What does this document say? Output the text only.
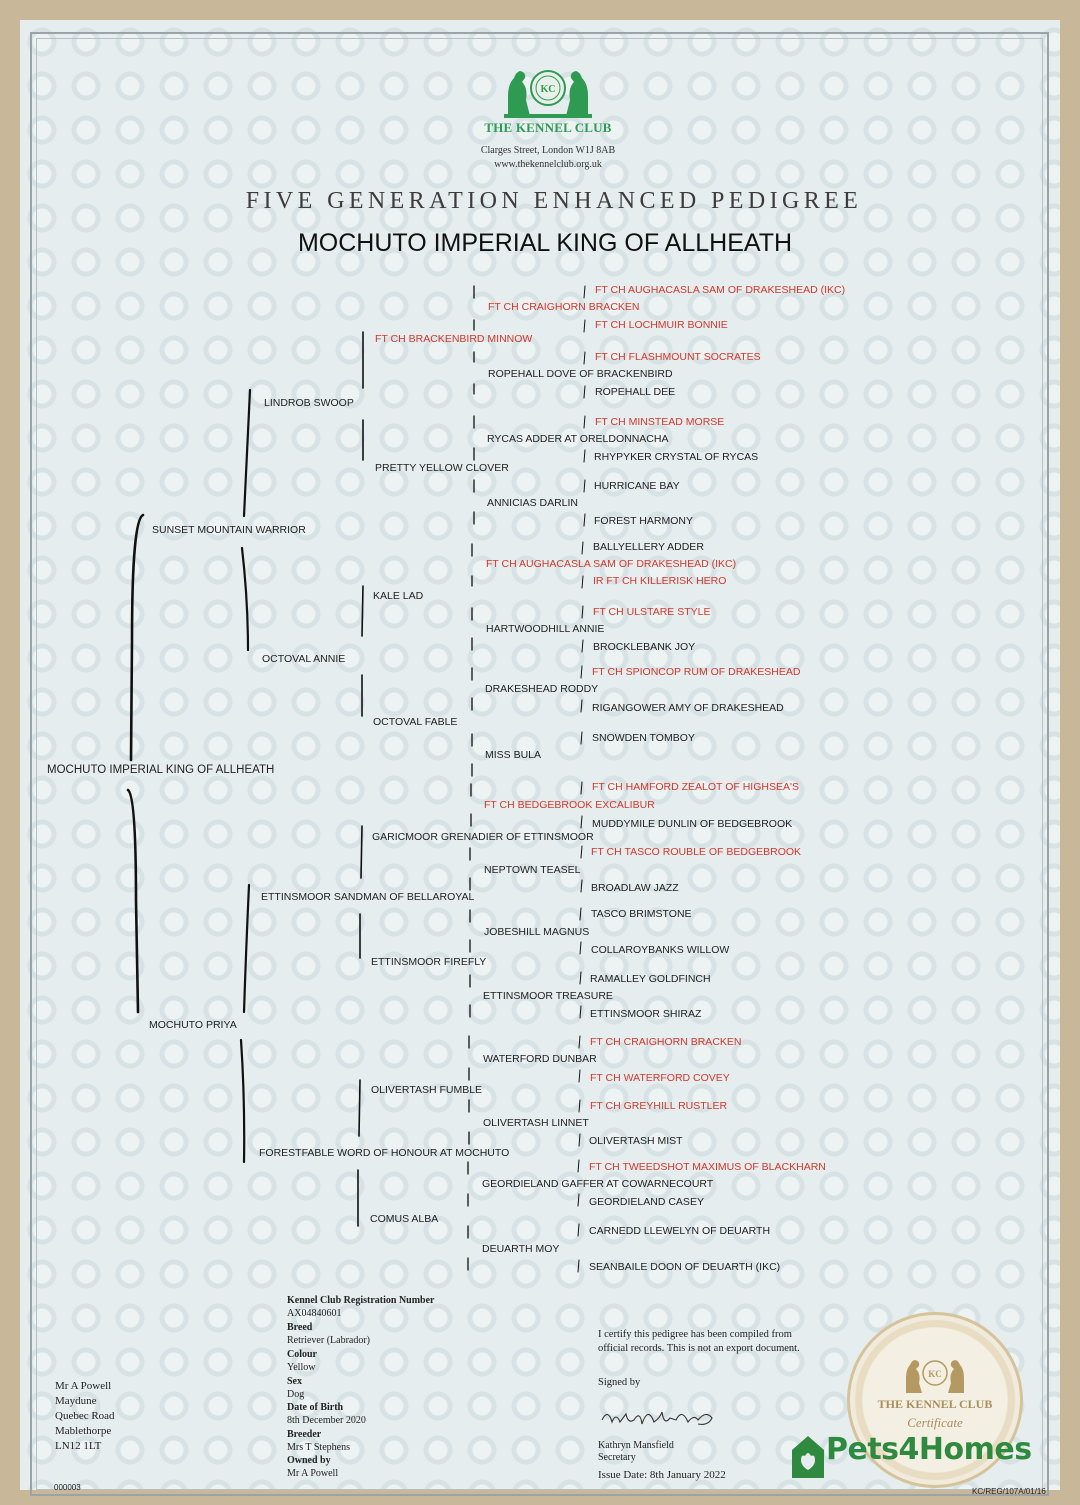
KC
THE KENNEL CLUB
Clarges Street, London W1J 8AB
www.thekennelclub.org.uk
FIVE GENERATION ENHANCED PEDIGREE
MOCHUTO IMPERIAL KING OF ALLHEATH
MOCHUTO IMPERIAL KING OF ALLHEATH
SUNSET MOUNTAIN WARRIOR
MOCHUTO PRIYA
LINDROB SWOOP
OCTOVAL ANNIE
ETTINSMOOR SANDMAN OF BELLAROYAL
FORESTFABLE WORD OF HONOUR AT MOCHUTO
FT CH BRACKENBIRD MINNOW
PRETTY YELLOW CLOVER
KALE LAD
OCTOVAL FABLE
GARICMOOR GRENADIER OF ETTINSMOOR
ETTINSMOOR FIREFLY
OLIVERTASH FUMBLE
COMUS ALBA
FT CH CRAIGHORN BRACKEN
ROPEHALL DOVE OF BRACKENBIRD
RYCAS ADDER AT ORELDONNACHA
ANNICIAS DARLIN
FT CH AUGHACASLA SAM OF DRAKESHEAD (IKC)
HARTWOODHILL ANNIE
DRAKESHEAD RODDY
MISS BULA
FT CH BEDGEBROOK EXCALIBUR
NEPTOWN TEASEL
JOBESHILL MAGNUS
ETTINSMOOR TREASURE
WATERFORD DUNBAR
OLIVERTASH LINNET
GEORDIELAND GAFFER AT COWARNECOURT
DEUARTH MOY
FT CH AUGHACASLA SAM OF DRAKESHEAD (IKC)
FT CH LOCHMUIR BONNIE
FT CH FLASHMOUNT SOCRATES
ROPEHALL DEE
FT CH MINSTEAD MORSE
RHYPYKER CRYSTAL OF RYCAS
HURRICANE BAY
FOREST HARMONY
BALLYELLERY ADDER
IR FT CH KILLERISK HERO
FT CH ULSTARE STYLE
BROCKLEBANK JOY
FT CH SPIONCOP RUM OF DRAKESHEAD
RIGANGOWER AMY OF DRAKESHEAD
SNOWDEN TOMBOY
FT CH HAMFORD ZEALOT OF HIGHSEA'S
MUDDYMILE DUNLIN OF BEDGEBROOK
FT CH TASCO ROUBLE OF BEDGEBROOK
BROADLAW JAZZ
TASCO BRIMSTONE
COLLAROYBANKS WILLOW
RAMALLEY GOLDFINCH
ETTINSMOOR SHIRAZ
FT CH CRAIGHORN BRACKEN
FT CH WATERFORD COVEY
FT CH GREYHILL RUSTLER
OLIVERTASH MIST
FT CH TWEEDSHOT MAXIMUS OF BLACKHARN
GEORDIELAND CASEY
CARNEDD LLEWELYN OF DEUARTH
SEANBAILE DOON OF DEUARTH (IKC)
Kennel Club Registration Number
AX04840601
Breed
Retriever (Labrador)
Colour
Yellow
Sex
Dog
Date of Birth
8th December 2020
Breeder
Mrs T Stephens
Owned by
Mr A Powell
Mr A Powell
Maydune
Quebec Road
Mablethorpe
LN12 1LT
I certify this pedigree has been compiled from
official records. This is not an export document.
Signed by
Kathryn Mansfield
Secretary
Issue Date: 8th January 2022
KC
THE KENNEL CLUB
Certificate
000003	KC/REG/107A/01/16
Pets4Homes
